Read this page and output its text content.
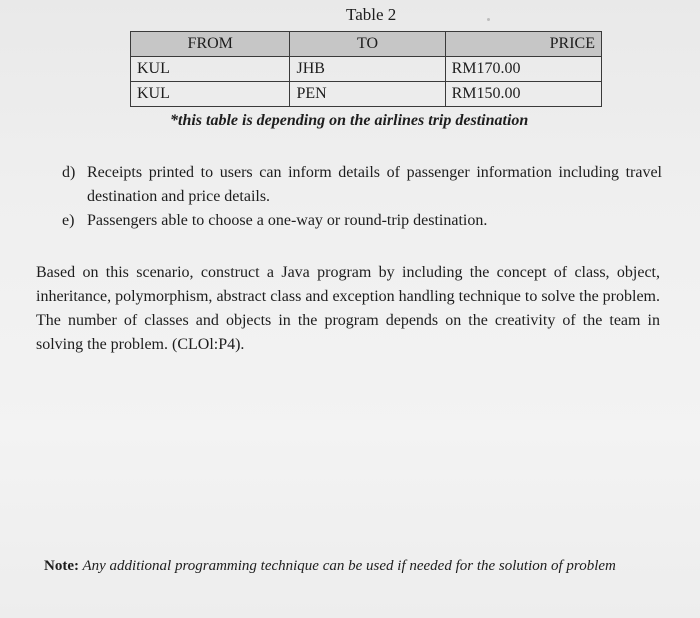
Table 2
FROM	TO	PRICE
KUL	JHB	RM170.00
KUL	PEN	RM150.00
*this table is depending on the airlines trip destination
d) Receipts printed to users can inform details of passenger information including travel destination and price details.
e) Passengers able to choose a one-way or round-trip destination.
Based on this scenario, construct a Java program by including the concept of class, object, inheritance, polymorphism, abstract class and exception handling technique to solve the problem. The number of classes and objects in the program depends on the creativity of the team in solving the problem. (CLOl:P4).
Note: Any additional programming technique can be used if needed for the solution of problem
